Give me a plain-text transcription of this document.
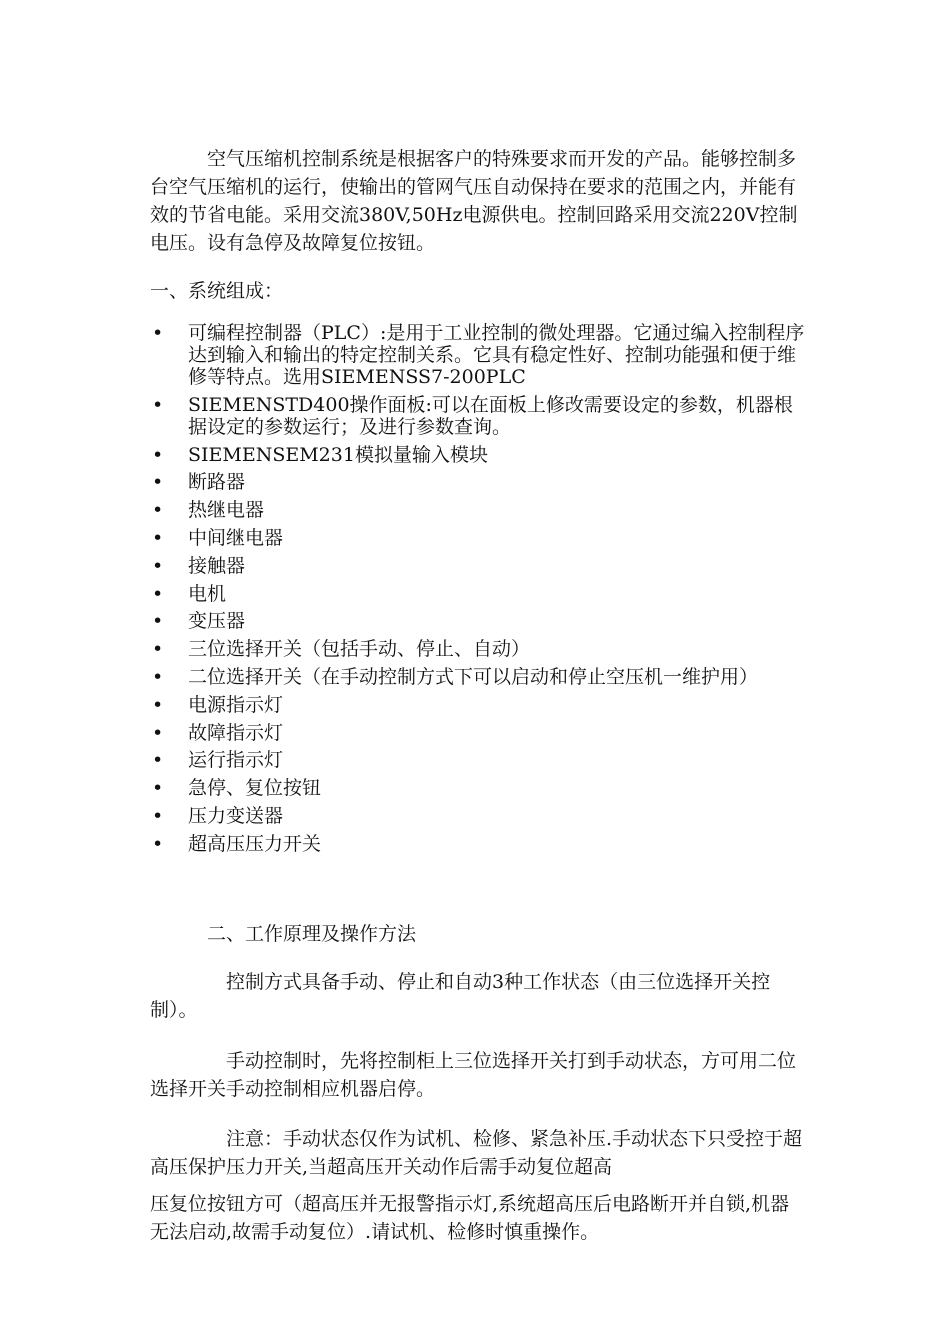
空气压缩机控制系统是根据客户的特殊要求而开发的产品。能够控制多台空气压缩机的运行，使输出的管网气压自动保持在要求的范围之内，并能有效的节省电能。采用交流380V,50Hz电源供电。控制回路采用交流220V控制电压。设有急停及故障复位按钮。

一、系统组成：

• 可编程控制器（PLC）:是用于工业控制的微处理器。它通过编入控制程序达到输入和输出的特定控制关系。它具有稳定性好、控制功能强和便于维修等特点。选用SIEMENSS7-200PLC
• SIEMENSTD400操作面板:可以在面板上修改需要设定的参数，机器根据设定的参数运行；及进行参数查询。
• SIEMENSEM231模拟量输入模块
• 断路器
• 热继电器
• 中间继电器
• 接触器
• 电机
• 变压器
• 三位选择开关（包括手动、停止、自动）
• 二位选择开关（在手动控制方式下可以启动和停止空压机一维护用）
• 电源指示灯
• 故障指示灯
• 运行指示灯
• 急停、复位按钮
• 压力变送器
• 超高压压力开关

二、工作原理及操作方法

控制方式具备手动、停止和自动3种工作状态（由三位选择开关控制）。

手动控制时，先将控制柜上三位选择开关打到手动状态，方可用二位选择开关手动控制相应机器启停。

注意：手动状态仅作为试机、检修、紧急补压.手动状态下只受控于超高压保护压力开关,当超高压开关动作后需手动复位超高

压复位按钮方可（超高压并无报警指示灯,系统超高压后电路断开并自锁,机器无法启动,故需手动复位）.请试机、检修时慎重操作。
